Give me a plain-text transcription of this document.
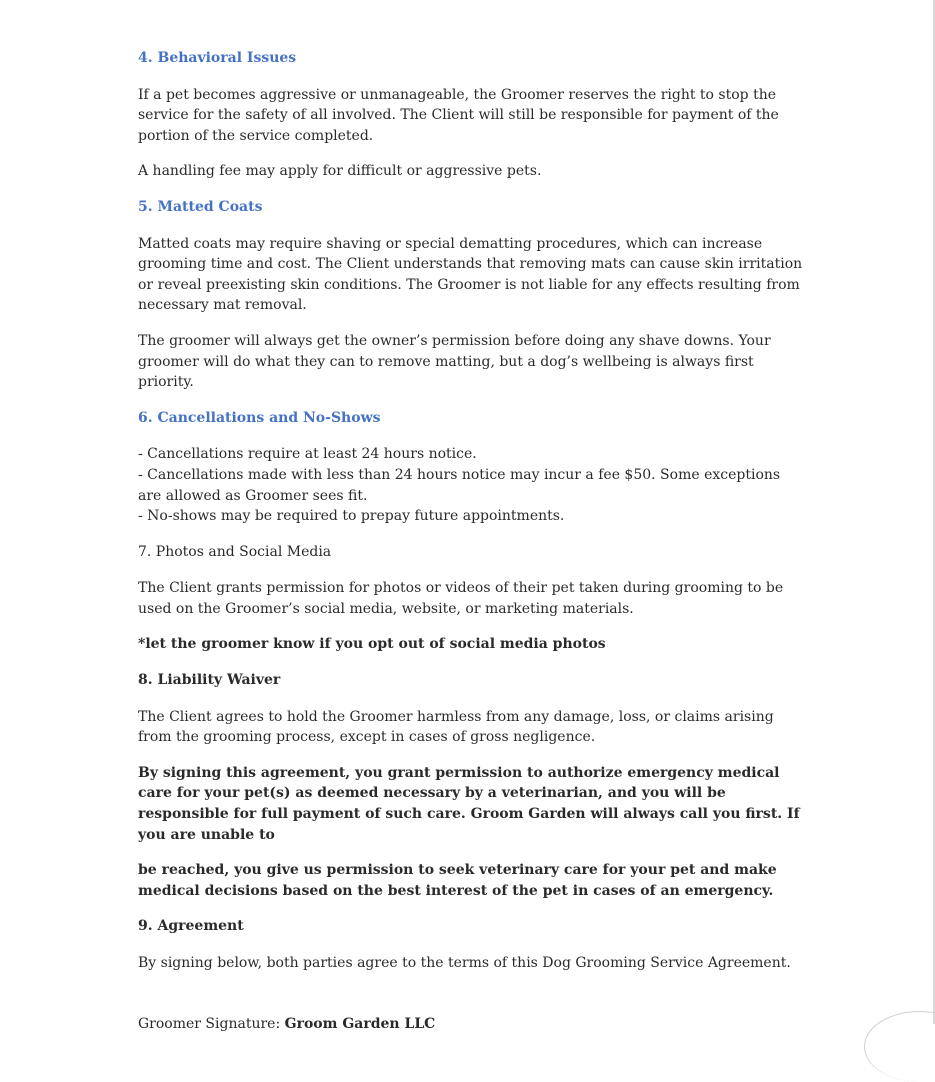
4. Behavioral Issues

If a pet becomes aggressive or unmanageable, the Groomer reserves the right to stop the service for the safety of all involved. The Client will still be responsible for payment of the portion of the service completed.

A handling fee may apply for difficult or aggressive pets.

5. Matted Coats

Matted coats may require shaving or special dematting procedures, which can increase grooming time and cost. The Client understands that removing mats can cause skin irritation or reveal preexisting skin conditions. The Groomer is not liable for any effects resulting from necessary mat removal.

The groomer will always get the owner’s permission before doing any shave downs. Your groomer will do what they can to remove matting, but a dog’s wellbeing is always first priority.

6. Cancellations and No-Shows
- Cancellations require at least 24 hours notice.
- Cancellations made with less than 24 hours notice may incur a fee $50. Some exceptions are allowed as Groomer sees fit.
- No-shows may be required to prepay future appointments.
7. Photos and Social Media

The Client grants permission for photos or videos of their pet taken during grooming to be used on the Groomer’s social media, website, or marketing materials.

*let the groomer know if you opt out of social media photos

8. Liability Waiver

The Client agrees to hold the Groomer harmless from any damage, loss, or claims arising from the grooming process, except in cases of gross negligence.

By signing this agreement, you grant permission to authorize emergency medical care for your pet(s) as deemed necessary by a veterinarian, and you will be responsible for full payment of such care. Groom Garden will always call you first. If you are unable to

be reached, you give us permission to seek veterinary care for your pet and make medical decisions based on the best interest of the pet in cases of an emergency.

9. Agreement

By signing below, both parties agree to the terms of this Dog Grooming Service Agreement.

Groomer Signature: Groom Garden LLC
